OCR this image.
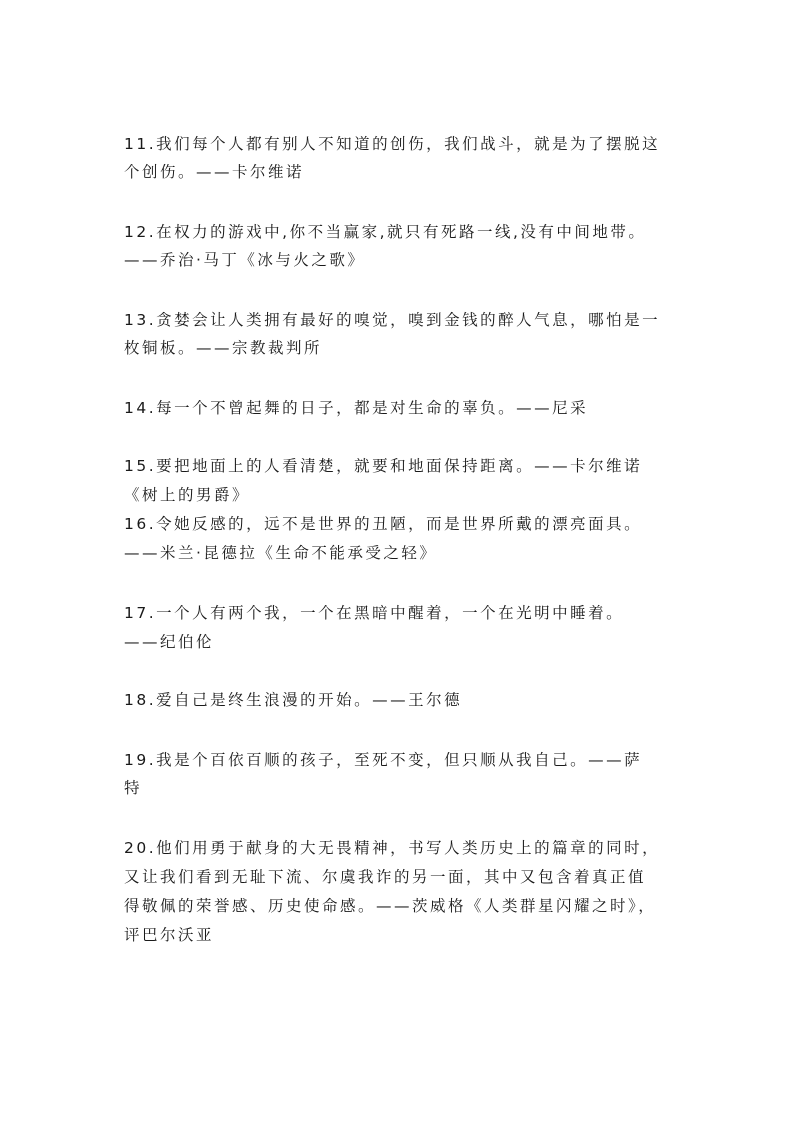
11.我们每个人都有别人不知道的创伤，我们战斗，就是为了摆脱这
个创伤。——卡尔维诺
12.在权力的游戏中,你不当赢家,就只有死路一线,没有中间地带。
——乔治·马丁《冰与火之歌》
13.贪婪会让人类拥有最好的嗅觉，嗅到金钱的醉人气息，哪怕是一
枚铜板。——宗教裁判所
14.每一个不曾起舞的日子，都是对生命的辜负。——尼采
15.要把地面上的人看清楚，就要和地面保持距离。——卡尔维诺
《树上的男爵》
16.令她反感的，远不是世界的丑陋，而是世界所戴的漂亮面具。
——米兰·昆德拉《生命不能承受之轻》
17.一个人有两个我，一个在黑暗中醒着，一个在光明中睡着。
——纪伯伦
18.爱自己是终生浪漫的开始。——王尔德
19.我是个百依百顺的孩子，至死不变，但只顺从我自己。——萨
特
20.他们用勇于献身的大无畏精神，书写人类历史上的篇章的同时，
又让我们看到无耻下流、尔虞我诈的另一面，其中又包含着真正值
得敬佩的荣誉感、历史使命感。——茨威格《人类群星闪耀之时》，
评巴尔沃亚
